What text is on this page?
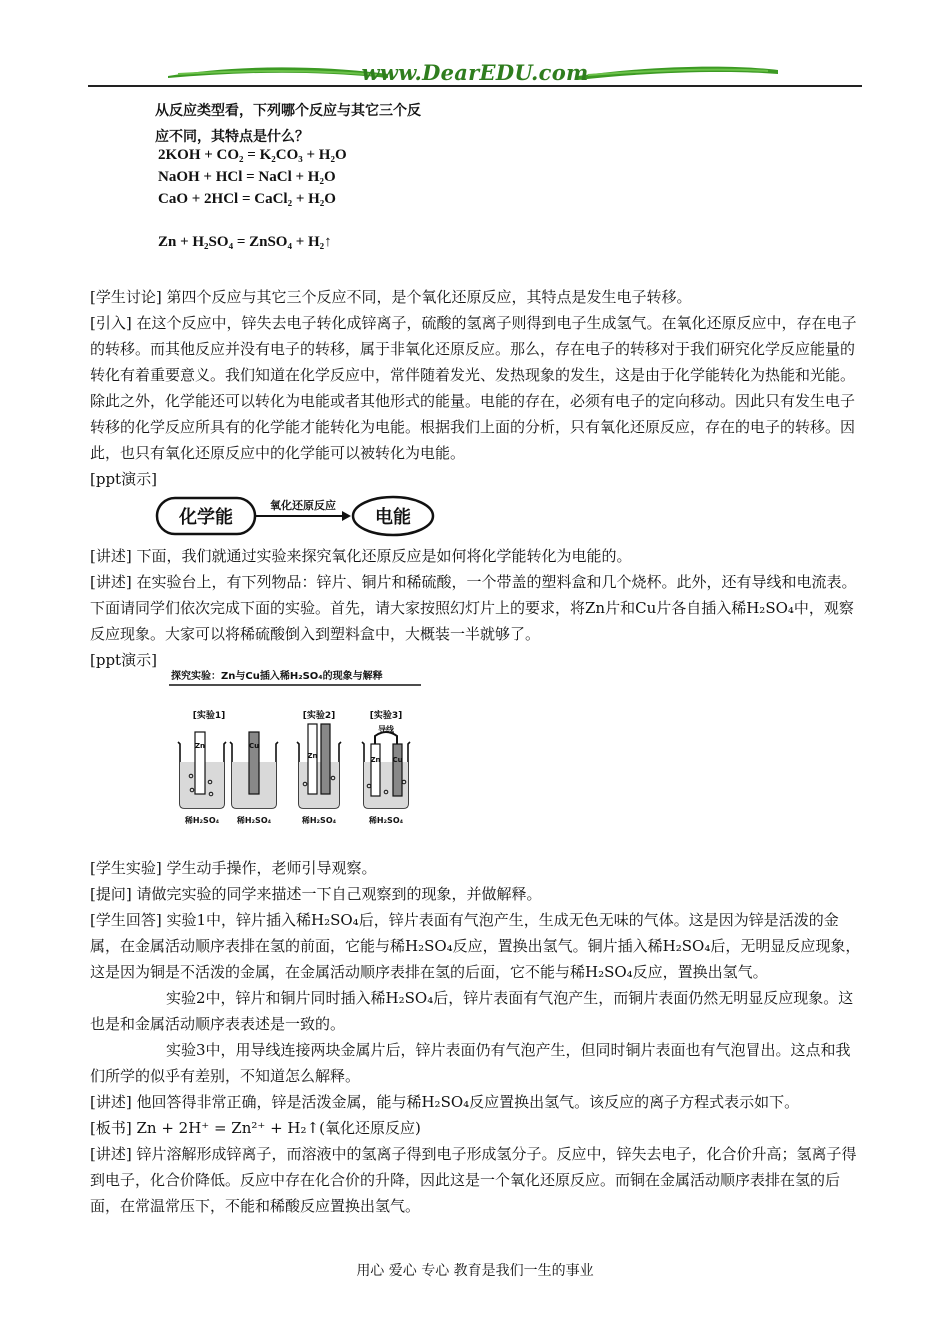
www.DearEDU.com
从反应类型看，下列哪个反应与其它三个反
应不同，其特点是什么？
2KOH + CO₂ = K₂CO₃ + H₂O
NaOH + HCl = NaCl + H₂O
CaO + 2HCl = CaCl₂ + H₂O
Zn + H₂SO₄ = ZnSO₄ + H₂↑

[学生讨论] 第四个反应与其它三个反应不同，是个氧化还原反应，其特点是发生电子转移。

[引入] 在这个反应中，锌失去电子转化成锌离子，硫酸的氢离子则得到电子生成氢气。在氧化还原反应中，存在电子的转移。而其他反应并没有电子的转移，属于非氧化还原反应。那么，存在电子的转移对于我们研究化学反应能量的转化有着重要意义。我们知道在化学反应中，常伴随着发光、发热现象的发生，这是由于化学能转化为热能和光能。除此之外，化学能还可以转化为电能或者其他形式的能量。电能的存在，必须有电子的定向移动。因此只有发生电子转移的化学反应所具有的化学能才能转化为电能。根据我们上面的分析，只有氧化还原反应，存在的电子的转移。因此，也只有氧化还原反应中的化学能可以被转化为电能。

[ppt演示]

化学能
氧化还原反应
电能

[讲述] 下面，我们就通过实验来探究氧化还原反应是如何将化学能转化为电能的。

[讲述] 在实验台上，有下列物品：锌片、铜片和稀硫酸，一个带盖的塑料盒和几个烧杯。此外，还有导线和电流表。下面请同学们依次完成下面的实验。首先，请大家按照幻灯片上的要求，将Zn片和Cu片各自插入稀H₂SO₄中，观察反应现象。大家可以将稀硫酸倒入到塑料盒中，大概装一半就够了。

[ppt演示]

探究实验：Zn与Cu插入稀H₂SO₄的现象与解释
[实验1]	[实验2]	[实验3]
导线
Zn
稀H₂SO₄
Cu
稀H₂SO₄
Zn
稀H₂SO₄
Zn Cu
稀H₂SO₄

[学生实验] 学生动手操作，老师引导观察。

[提问] 请做完实验的同学来描述一下自己观察到的现象，并做解释。

[学生回答] 实验1中，锌片插入稀H₂SO₄后，锌片表面有气泡产生，生成无色无味的气体。这是因为锌是活泼的金属，在金属活动顺序表排在氢的前面，它能与稀H₂SO₄反应，置换出氢气。铜片插入稀H₂SO₄后，无明显反应现象，这是因为铜是不活泼的金属，在金属活动顺序表排在氢的后面，它不能与稀H₂SO₄反应，置换出氢气。

实验2中，锌片和铜片同时插入稀H₂SO₄后，锌片表面有气泡产生，而铜片表面仍然无明显反应现象。这也是和金属活动顺序表表述是一致的。

实验3中，用导线连接两块金属片后，锌片表面仍有气泡产生，但同时铜片表面也有气泡冒出。这点和我们所学的似乎有差别，不知道怎么解释。

[讲述] 他回答得非常正确，锌是活泼金属，能与稀H₂SO₄反应置换出氢气。该反应的离子方程式表示如下。

[板书] Zn + 2H⁺ = Zn²⁺ + H₂↑(氧化还原反应)

[讲述] 锌片溶解形成锌离子，而溶液中的氢离子得到电子形成氢分子。反应中，锌失去电子，化合价升高；氢离子得到电子，化合价降低。反应中存在化合价的升降，因此这是一个氧化还原反应。而铜在金属活动顺序表排在氢的后面，在常温常压下，不能和稀酸反应置换出氢气。

用心 爱心 专心 教育是我们一生的事业
